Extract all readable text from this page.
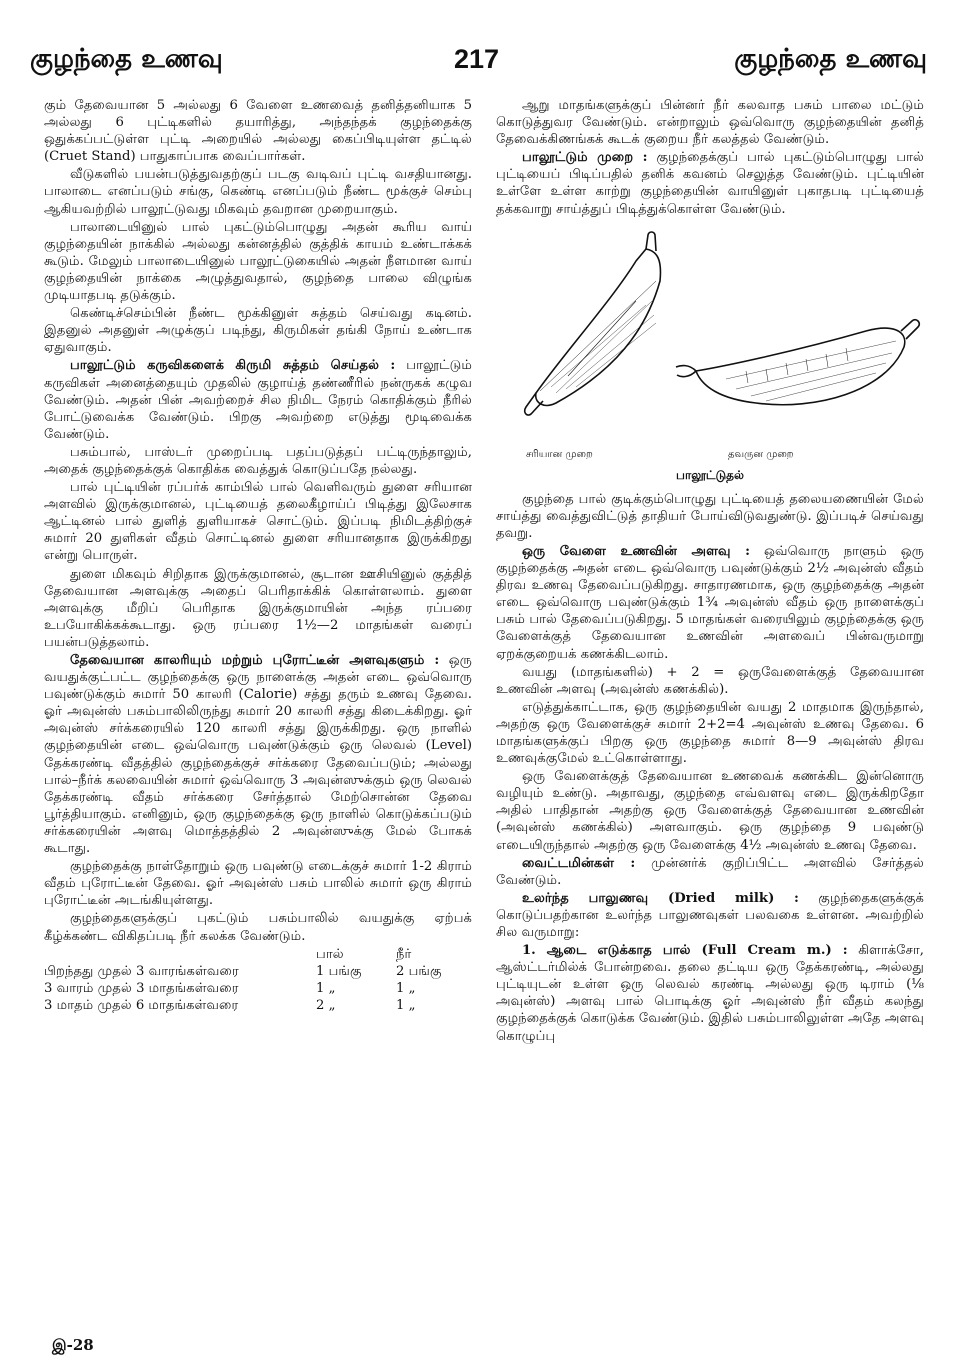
குழந்தை உணவு	217	குழந்தை உணவு

கும் தேவையான 5 அல்லது 6 வேளை உணவைத் தனித்தனியாக 5 அல்லது 6 புட்டிகளில் தயாரித்து, அந்தந்தக் குழந்தைக்கு ஒதுக்கப்பட்டுள்ள புட்டி அறையில் அல்லது கைப்பிடியுள்ள தட்டில் (Cruet Stand) பாதுகாப்பாக வைப்பார்கள்.

வீடுகளில் பயன்படுத்துவதற்குப் படகு வடிவப் புட்டி வசதியானது. பாலாடை எனப்படும் சங்கு, கெண்டி எனப்படும் நீண்ட மூக்குச் செம்பு ஆகியவற்றில் பாலூட்டுவது மிகவும் தவறான முறையாகும்.

பாலாடையினுல் பால் புகட்டும்பொழுது அதன் கூரிய வாய் குழந்தையின் நாக்கில் அல்லது கன்னத்தில் குத்திக் காயம் உண்டாக்கக் கூடும். மேலும் பாலாடையினுல் பாலூட்டுகையில் அதன் நீளமான வாய் குழந்தையின் நாக்கை அழுத்துவதால், குழந்தை பாலை விழுங்க முடியாதபடி தடுக்கும்.

கெண்டிச்செம்பின் நீண்ட மூக்கினுள் சுத்தம் செய்வது கடினம். இதனுல் அதனுள் அழுக்குப் படிந்து, கிருமிகள் தங்கி நோய் உண்டாக ஏதுவாகும்.

பாலூட்டும் கருவிகளைக் கிருமி சுத்தம் செய்தல் : பாலூட்டும் கருவிகள் அனைத்தையும் முதலில் குழாய்த் தண்ணீரில் நன்ருகக் கழுவ வேண்டும். அதன் பின் அவற்றைச் சில நிமிட நேரம் கொதிக்கும் நீரில் போட்டுவைக்க வேண்டும். பிறகு அவற்றை எடுத்து மூடிவைக்க வேண்டும்.

பசும்பால், பாஸ்டர் முறைப்படி பதப்படுத்தப் பட்டிருந்தாலும், அதைக் குழந்தைக்குக் கொதிக்க வைத்துக் கொடுப்பதே நல்லது.

பால் புட்டியின் ரப்பர்க் காம்பில் பால் வெளிவரும் துளை சரியான அளவில் இருக்குமானல், புட்டியைத் தலைகீழாய்ப் பிடித்து இலேசாக ஆட்டினல் பால் துளித் துளியாகச் சொட்டும். இப்படி நிமிடத்திற்குச் சுமார் 20 துளிகள் வீதம் சொட்டினல் துளை சரியானதாக இருக்கிறது என்று பொருள்.

துளை மிகவும் சிறிதாக இருக்குமானல், சூடான ஊசியினுல் குத்தித் தேவையான அளவுக்கு அதைப் பெரிதாக்கிக் கொள்ளலாம். துளை அளவுக்கு மீறிப் பெரிதாக இருக்குமாயின் அந்த ரப்பரை உபயோகிக்கக்கூடாது. ஒரு ரப்பரை 1½—2 மாதங்கள் வரைப் பயன்படுத்தலாம்.

தேவையான காலரியும் மற்றும் புரோட்டீன் அளவுகளும் : ஒரு வயதுக்குட்பட்ட குழந்தைக்கு ஒரு நாளைக்கு அதன் எடை ஒவ்வொரு பவுண்டுக்கும் சுமார் 50 காலரி (Calorie) சத்து தரும் உணவு தேவை. ஓர் அவுன்ஸ் பசும்பாலிலிருந்து சுமார் 20 காலரி சத்து கிடைக்கிறது. ஓர் அவுன்ஸ் சர்க்கரையில் 120 காலரி சத்து இருக்கிறது. ஒரு நாளில் குழந்தையின் எடை ஒவ்வொரு பவுண்டுக்கும் ஒரு லெவல் (Level) தேக்கரண்டி வீதத்தில் குழந்தைக்குச் சர்க்கரை தேவைப்படும்; அல்லது பால்–நீர்க் கலவையின் சுமார் ஒவ்வொரு 3 அவுன்ஸுக்கும் ஒரு லெவல் தேக்கரண்டி வீதம் சர்க்கரை சேர்த்தால் மேற்சொன்ன தேவை பூர்த்தியாகும். எனினும், ஒரு குழந்தைக்கு ஒரு நாளில் கொடுக்கப்படும் சர்க்கரையின் அளவு மொத்தத்தில் 2 அவுன்ஸுக்கு மேல் போகக் கூடாது.

குழந்தைக்கு நாள்தோறும் ஒரு பவுண்டு எடைக்குச் சுமார் 1-2 கிராம் வீதம் புரோட்டீன் தேவை. ஓர் அவுன்ஸ் பசும் பாலில் சுமார் ஒரு கிராம் புரோட்டீன் அடங்கியுள்ளது.

குழந்தைகளுக்குப் புகட்டும் பசும்பாலில் வயதுக்கு ஏற்பக் கீழ்க்கண்ட விகிதப்படி நீர் கலக்க வேண்டும்.

	பால்	நீர்
பிறந்தது முதல் 3 வாரங்கள்வரை	1 பங்கு	2 பங்கு
3 வாரம் முதல் 3 மாதங்கள்வரை	1 „	1 „
3 மாதம் முதல் 6 மாதங்கள்வரை	2 „	1 „

ஆறு மாதங்களுக்குப் பின்னர் நீர் கலவாத பசும் பாலை மட்டும் கொடுத்துவர வேண்டும். என்றாலும் ஒவ்வொரு குழந்தையின் தனித் தேவைக்கிணங்கக் கூடக் குறைய நீர் கலத்தல் வேண்டும்.

பாலூட்டும் முறை : குழந்தைக்குப் பால் புகட்டும்பொழுது பால் புட்டியைப் பிடிப்பதில் தனிக் கவனம் செலுத்த வேண்டும். புட்டியின் உள்ளே உள்ள காற்று குழந்தையின் வாயினுள் புகாதபடி புட்டியைத் தக்கவாறு சாய்த்துப் பிடித்துக்கொள்ள வேண்டும்.

சரியான முறை	தவருன முறை
பாலூட்டுதல்

குழந்தை பால் குடிக்கும்பொழுது புட்டியைத் தலையணையின் மேல் சாய்த்து வைத்துவிட்டுத் தாதியர் போய்விடுவதுண்டு. இப்படிச் செய்வது தவறு.

ஒரு வேளை உணவின் அளவு : ஒவ்வொரு நாளும் ஒரு குழந்தைக்கு அதன் எடை ஒவ்வொரு பவுண்டுக்கும் 2½ அவுன்ஸ் வீதம் திரவ உணவு தேவைப்படுகிறது. சாதாரணமாக, ஒரு குழந்தைக்கு அதன் எடை ஒவ்வொரு பவுண்டுக்கும் 1¾ அவுன்ஸ் வீதம் ஒரு நாளைக்குப் பசும் பால் தேவைப்படுகிறது. 5 மாதங்கள் வரையிலும் குழந்தைக்கு ஒரு வேளைக்குத் தேவையான உணவின் அளவைப் பின்வருமாறு ஏறக்குறையக் கணக்கிடலாம்.

வயது (மாதங்களில்) + 2 = ஒருவேளைக்குத் தேவையான உணவின் அளவு (அவுன்ஸ் கணக்கில்).

எடுத்துக்காட்டாக, ஒரு குழந்தையின் வயது 2 மாதமாக இருந்தால், அதற்கு ஒரு வேளைக்குச் சுமார் 2+2=4 அவுன்ஸ் உணவு தேவை. 6 மாதங்களுக்குப் பிறகு ஒரு குழந்தை சுமார் 8—9 அவுன்ஸ் திரவ உணவுக்குமேல் உட்கொள்ளாது.

ஒரு வேளைக்குத் தேவையான உணவைக் கணக்கிட இன்னொரு வழியும் உண்டு. அதாவது, குழந்தை எவ்வளவு எடை இருக்கிறதோ அதில் பாதிதான் அதற்கு ஒரு வேளைக்குத் தேவையான உணவின் (அவுன்ஸ் கணக்கில்) அளவாகும். ஒரு குழந்தை 9 பவுண்டு எடையிருந்தால் அதற்கு ஒரு வேளைக்கு 4½ அவுன்ஸ் உணவு தேவை.

வைட்டமின்கள் : முன்னர்க் குறிப்பிட்ட அளவில் சேர்த்தல் வேண்டும்.

உலர்ந்த பாலுணவு (Dried milk) : குழந்தைகளுக்குக் கொடுப்பதற்கான உலர்ந்த பாலுணவுகள் பலவகை உள்ளன. அவற்றில் சில வருமாறு:

1. ஆடை எடுக்காத பால் (Full Cream m.) : கிளாக்சோ, ஆஸ்ட்டர்மில்க் போன்றவை. தலை தட்டிய ஒரு தேக்கரண்டி, அல்லது புட்டியுடன் உள்ள ஒரு லெவல் கரண்டி அல்லது ஒரு டிராம் (⅛ அவுன்ஸ்) அளவு பால் பொடிக்கு ஓர் அவுன்ஸ் நீர் வீதம் கலந்து குழந்தைக்குக் கொடுக்க வேண்டும். இதில் பசும்பாலிலுள்ள அதே அளவு கொழுப்பு

இ-28
